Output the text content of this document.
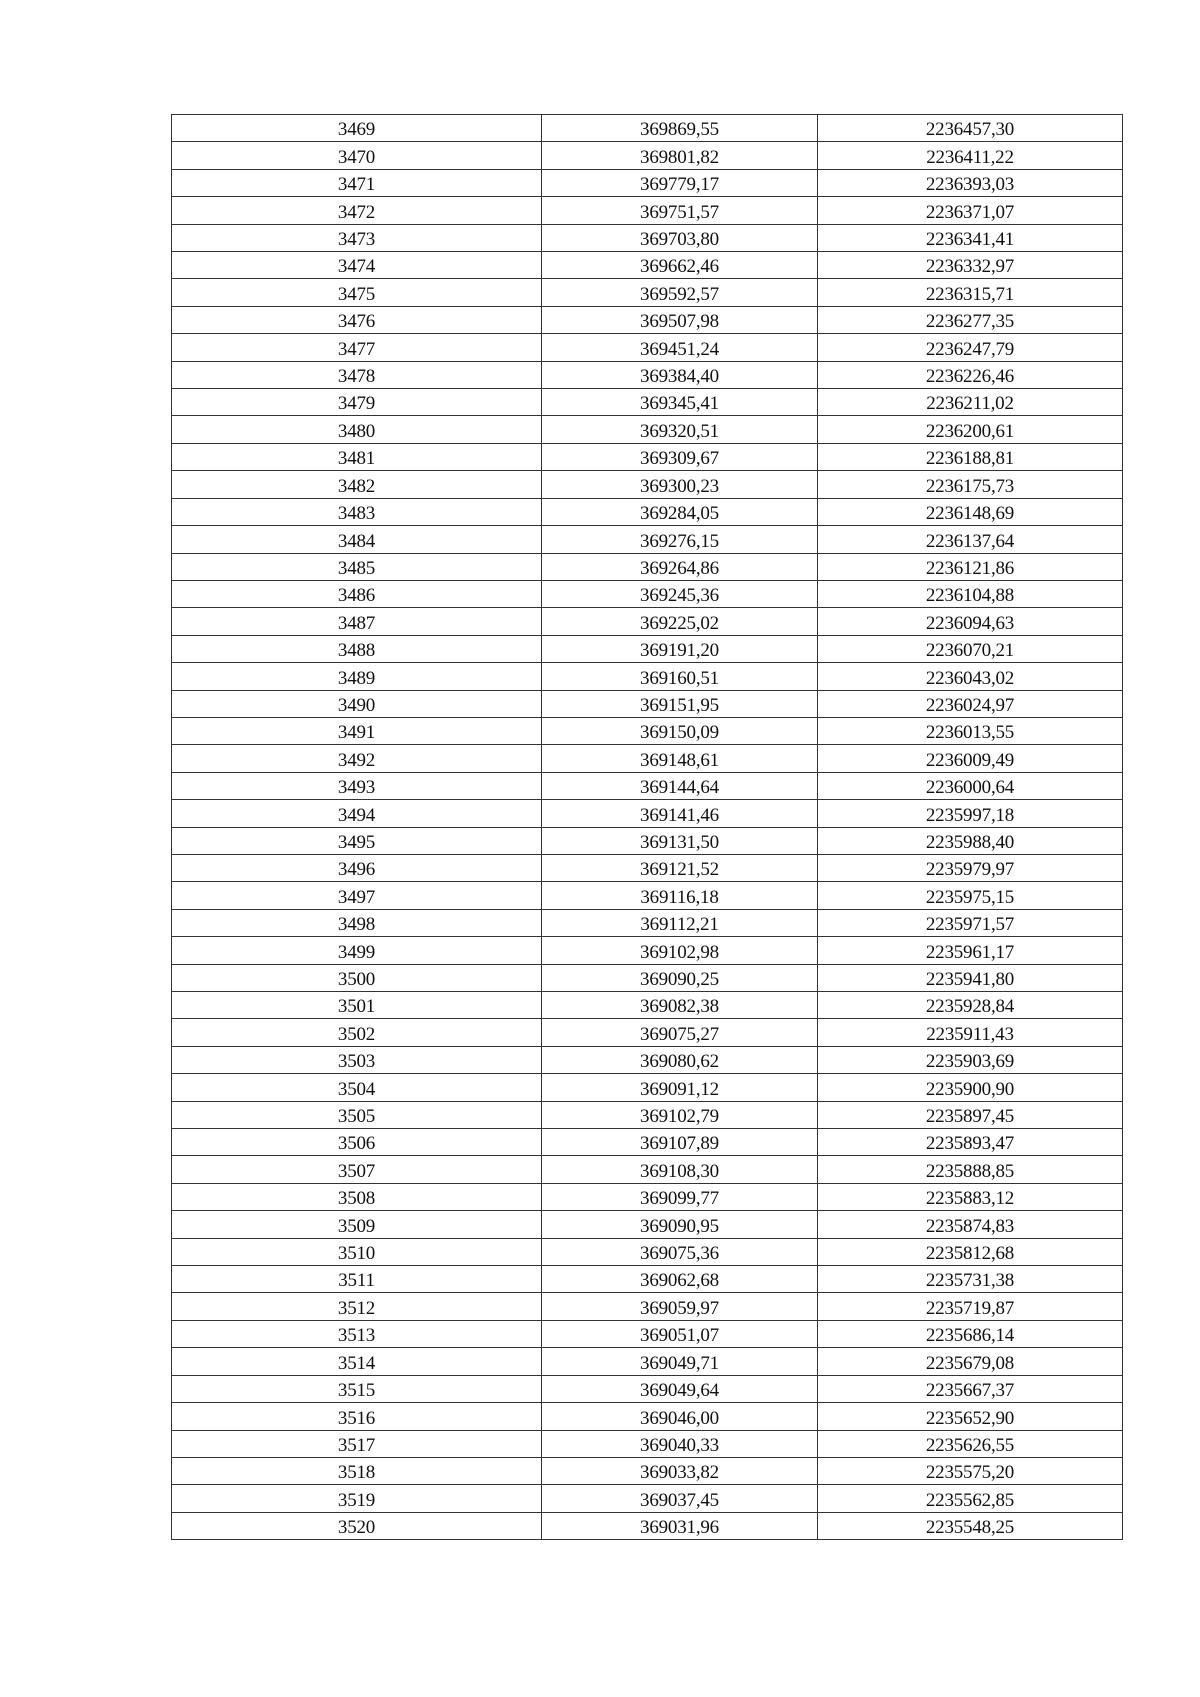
3469	369869,55	2236457,30
3470	369801,82	2236411,22
3471	369779,17	2236393,03
3472	369751,57	2236371,07
3473	369703,80	2236341,41
3474	369662,46	2236332,97
3475	369592,57	2236315,71
3476	369507,98	2236277,35
3477	369451,24	2236247,79
3478	369384,40	2236226,46
3479	369345,41	2236211,02
3480	369320,51	2236200,61
3481	369309,67	2236188,81
3482	369300,23	2236175,73
3483	369284,05	2236148,69
3484	369276,15	2236137,64
3485	369264,86	2236121,86
3486	369245,36	2236104,88
3487	369225,02	2236094,63
3488	369191,20	2236070,21
3489	369160,51	2236043,02
3490	369151,95	2236024,97
3491	369150,09	2236013,55
3492	369148,61	2236009,49
3493	369144,64	2236000,64
3494	369141,46	2235997,18
3495	369131,50	2235988,40
3496	369121,52	2235979,97
3497	369116,18	2235975,15
3498	369112,21	2235971,57
3499	369102,98	2235961,17
3500	369090,25	2235941,80
3501	369082,38	2235928,84
3502	369075,27	2235911,43
3503	369080,62	2235903,69
3504	369091,12	2235900,90
3505	369102,79	2235897,45
3506	369107,89	2235893,47
3507	369108,30	2235888,85
3508	369099,77	2235883,12
3509	369090,95	2235874,83
3510	369075,36	2235812,68
3511	369062,68	2235731,38
3512	369059,97	2235719,87
3513	369051,07	2235686,14
3514	369049,71	2235679,08
3515	369049,64	2235667,37
3516	369046,00	2235652,90
3517	369040,33	2235626,55
3518	369033,82	2235575,20
3519	369037,45	2235562,85
3520	369031,96	2235548,25
